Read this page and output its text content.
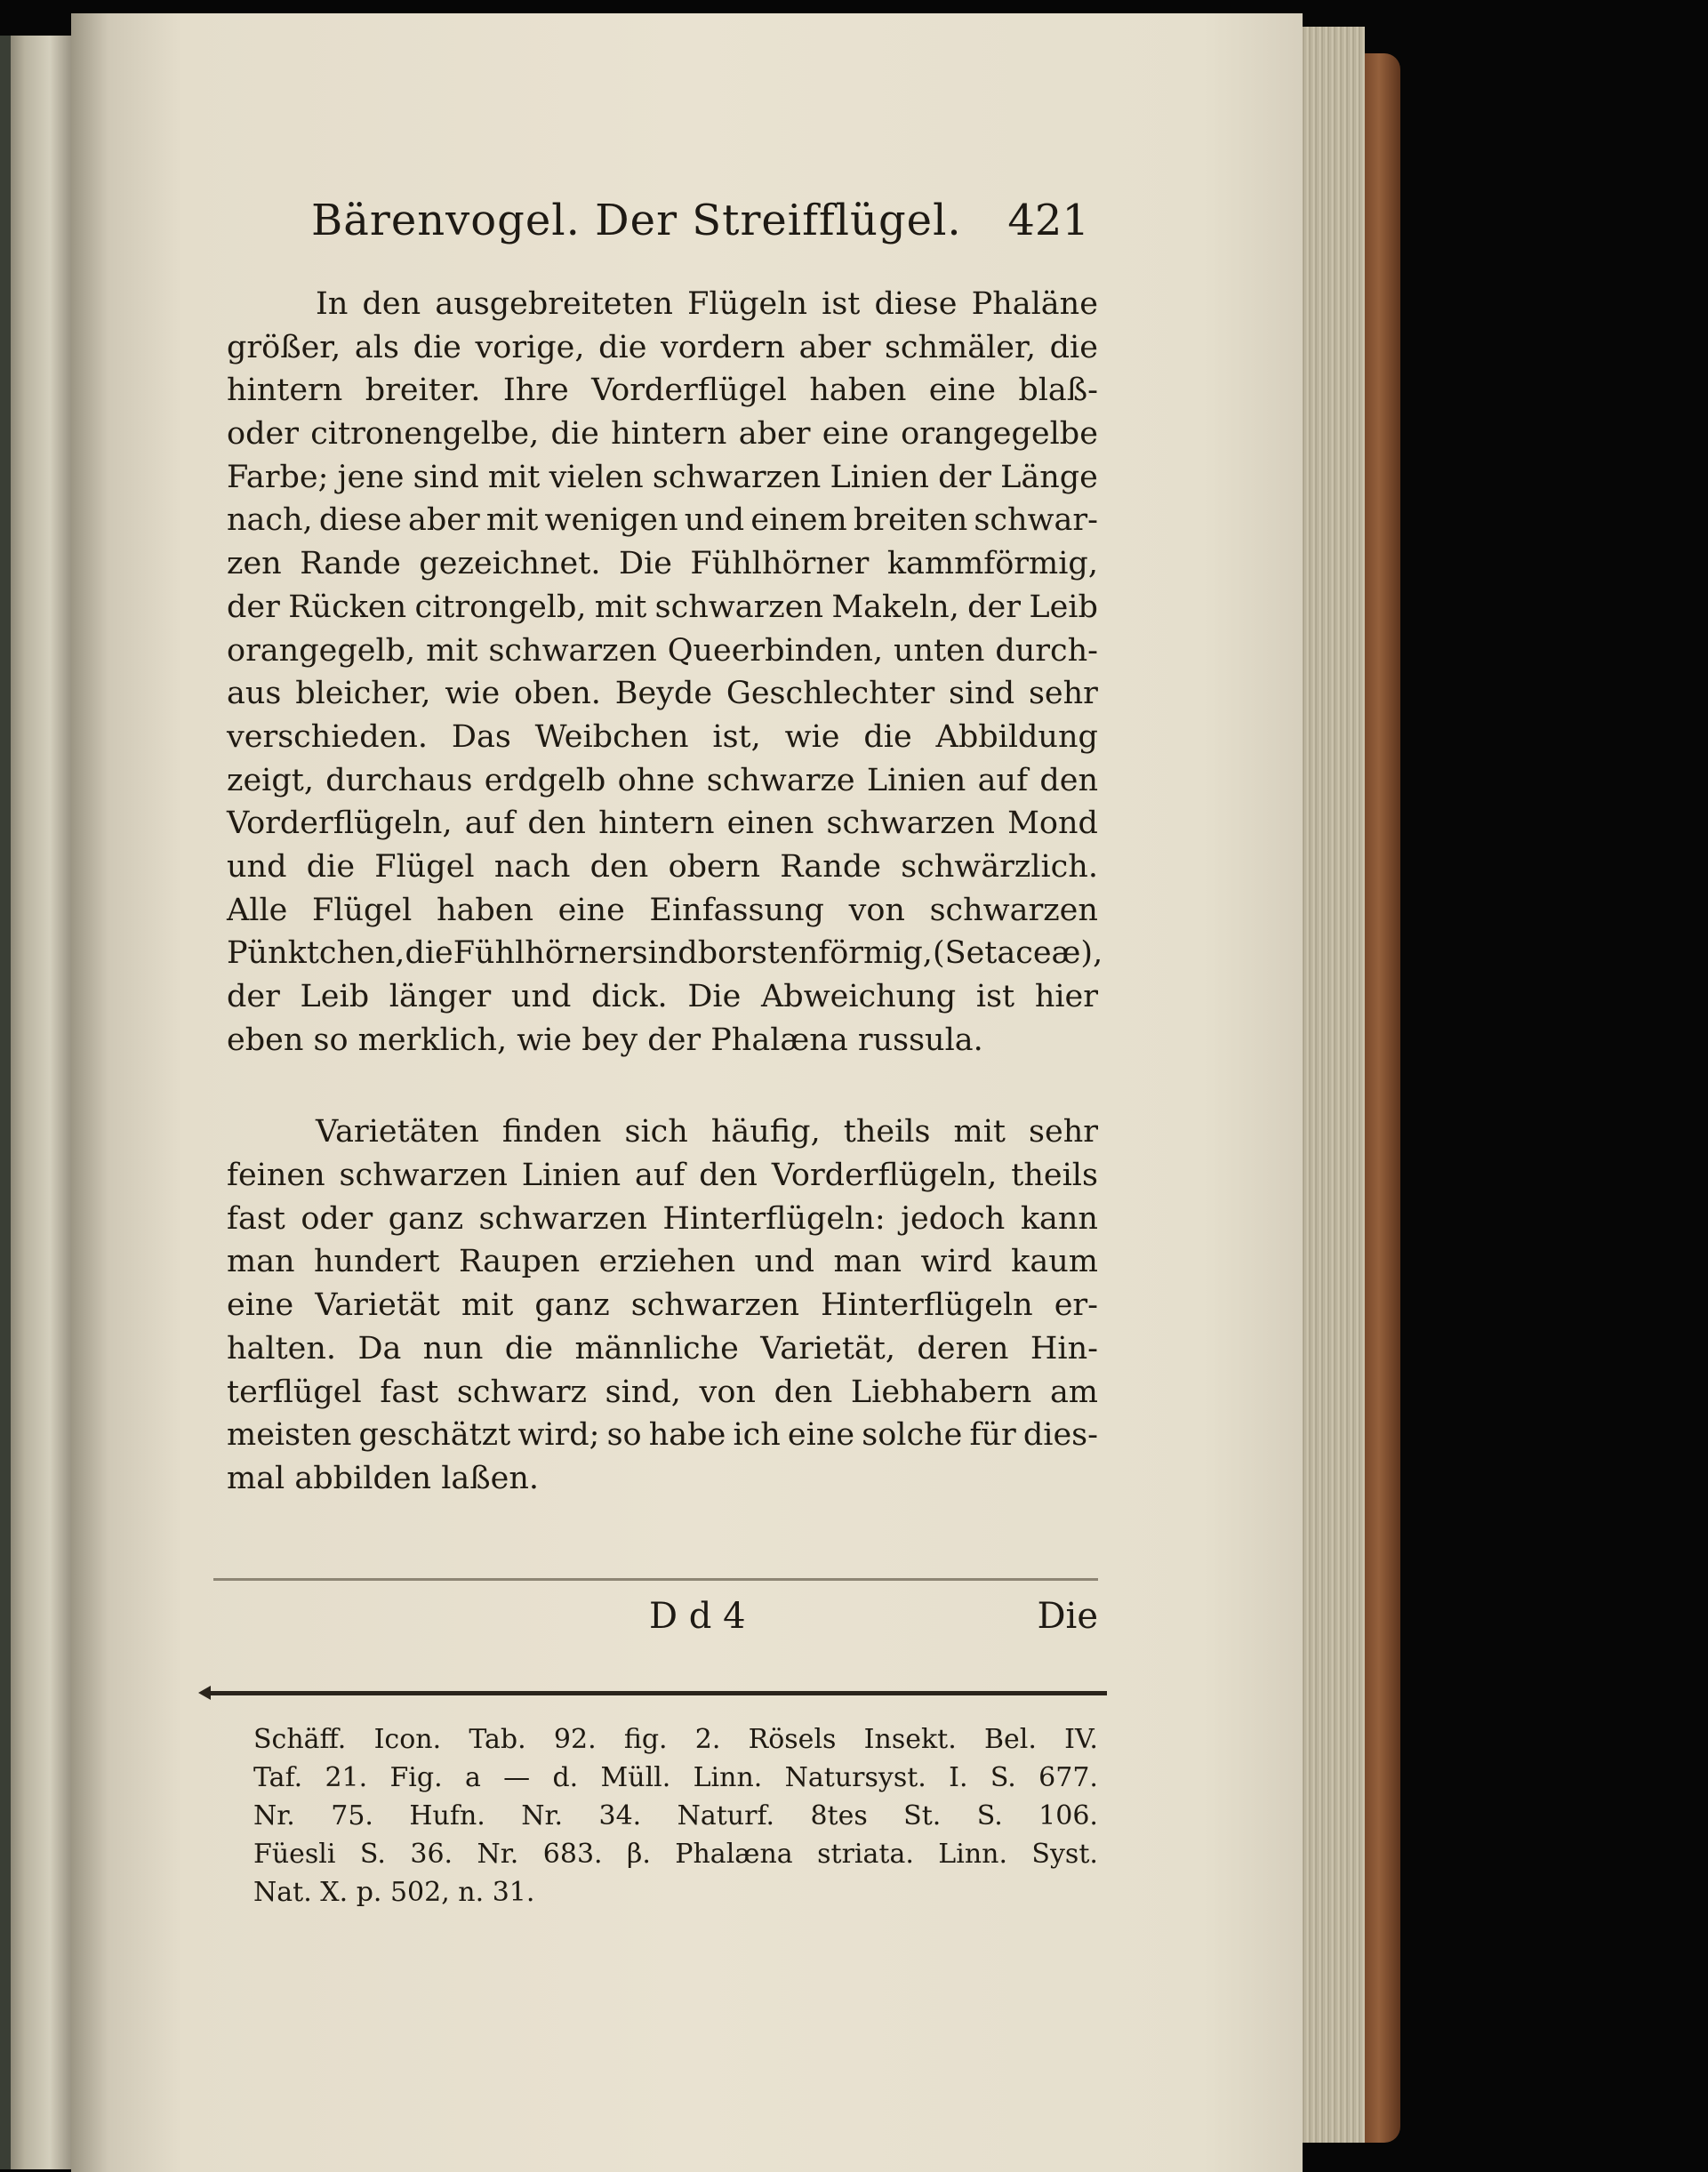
Bärenvogel. Der Streifflügel. 421
In den ausgebreiteten Flügeln ist diese Phaläne
größer, als die vorige, die vordern aber schmäler, die
hintern breiter. Ihre Vorderflügel haben eine blaß-
oder citronengelbe, die hintern aber eine orangegelbe
Farbe; jene sind mit vielen schwarzen Linien der Länge
nach, diese aber mit wenigen und einem breiten schwar-
zen Rande gezeichnet. Die Fühlhörner kammförmig,
der Rücken citrongelb, mit schwarzen Makeln, der Leib
orangegelb, mit schwarzen Queerbinden, unten durch-
aus bleicher, wie oben. Beyde Geschlechter sind sehr
verschieden. Das Weibchen ist, wie die Abbildung
zeigt, durchaus erdgelb ohne schwarze Linien auf den
Vorderflügeln, auf den hintern einen schwarzen Mond
und die Flügel nach den obern Rande schwärzlich.
Alle Flügel haben eine Einfassung von schwarzen
Pünktchen, die Fühlhörner sind borstenförmig, (Setaceæ),
der Leib länger und dick. Die Abweichung ist hier
eben so merklich, wie bey der Phalæna russula.
Varietäten finden sich häufig, theils mit sehr
feinen schwarzen Linien auf den Vorderflügeln, theils
fast oder ganz schwarzen Hinterflügeln: jedoch kann
man hundert Raupen erziehen und man wird kaum
eine Varietät mit ganz schwarzen Hinterflügeln er-
halten. Da nun die männliche Varietät, deren Hin-
terflügel fast schwarz sind, von den Liebhabern am
meisten geschätzt wird; so habe ich eine solche für dies-
mal abbilden laßen.
D d 4	Die
Schäff. Icon. Tab. 92. fig. 2. Rösels Insekt. Bel. IV.
Taf. 21. Fig. a — d. Müll. Linn. Natursyst. I. S. 677.
Nr. 75. Hufn. Nr. 34. Naturf. 8tes St. S. 106.
Füesli S. 36. Nr. 683. β. Phalæna striata. Linn. Syst.
Nat. X. p. 502, n. 31.
